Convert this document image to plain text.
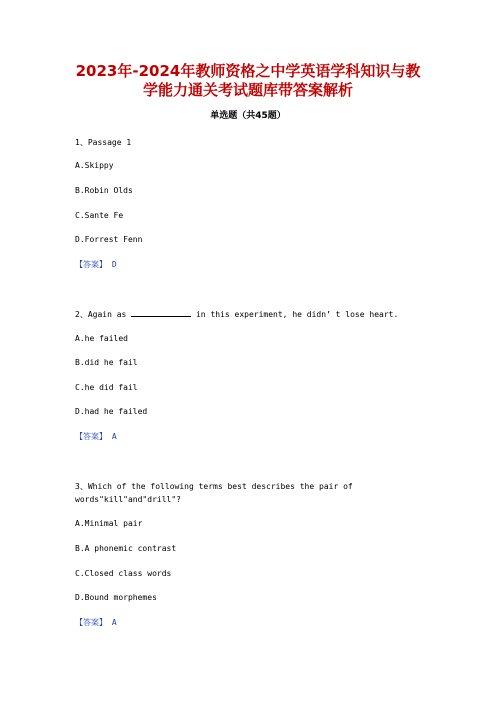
2023年-2024年教师资格之中学英语学科知识与教
学能力通关考试题库带答案解析
单选题（共45题）
1、Passage 1
A.Skippy
B.Robin Olds
C.Sante Fe
D.Forrest Fenn
【答案】 D
2、Again as	in this experiment, he didn’ t lose heart.
A.he failed
B.did he fail
C.he did fail
D.had he failed
【答案】 A
3、Which of the following terms best describes the pair of
words"kill"and"drill"?
A.Minimal pair
B.A phonemic contrast
C.Closed class words
D.Bound morphemes
【答案】 A
